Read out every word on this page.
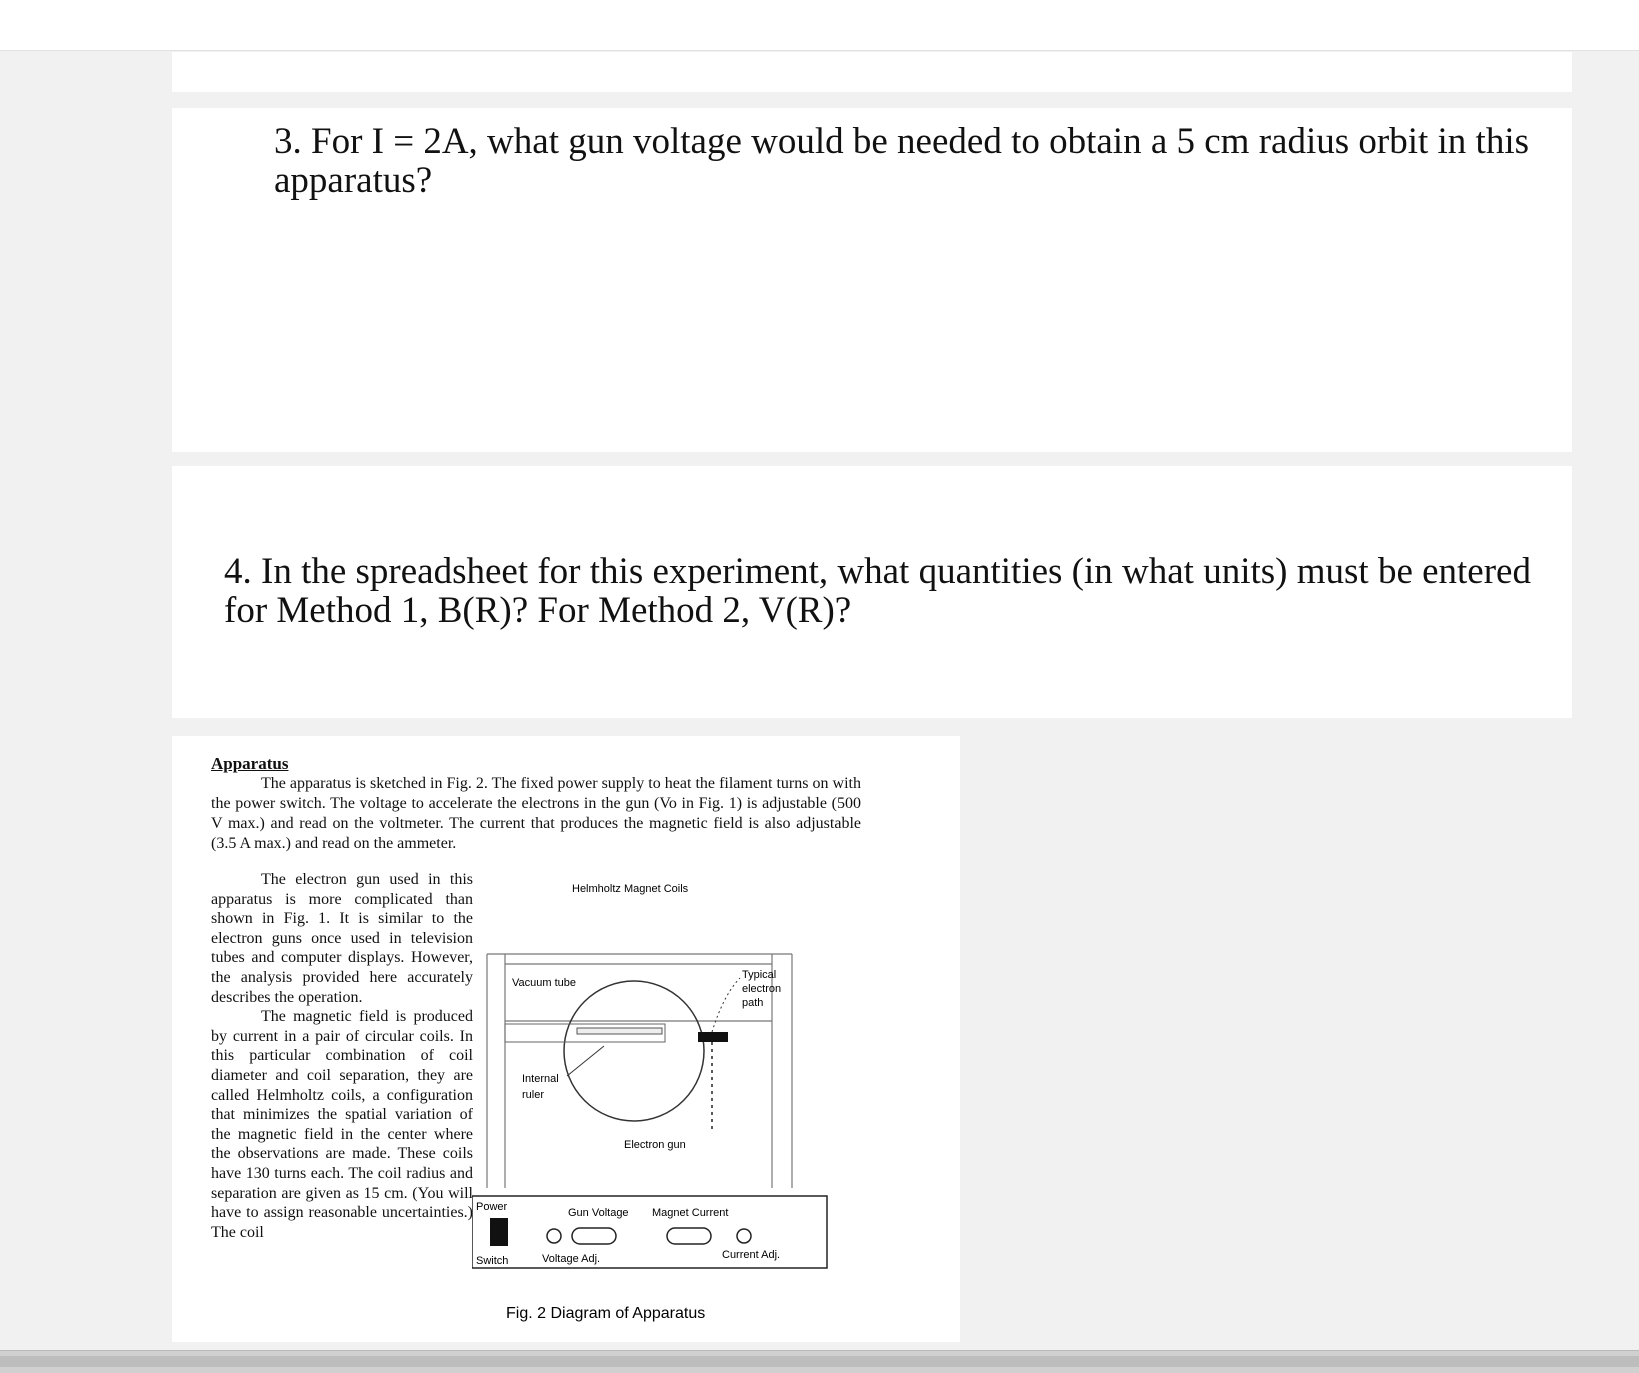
3. For I = 2A, what gun voltage would be needed to obtain a 5 cm radius orbit in this apparatus?

4. In the spreadsheet for this experiment, what quantities (in what units) must be entered for Method 1, B(R)? For Method 2, V(R)?

Apparatus
The apparatus is sketched in Fig. 2. The fixed power supply to heat the filament turns on with the power switch. The voltage to accelerate the electrons in the gun (Vo in Fig. 1) is adjustable (500 V max.) and read on the voltmeter. The current that produces the magnetic field is also adjustable (3.5 A max.) and read on the ammeter.

The electron gun used in this apparatus is more complicated than shown in Fig. 1. It is similar to the electron guns once used in television tubes and computer displays. However, the analysis provided here accurately describes the operation.

The magnetic field is produced by current in a pair of circular coils. In this particular combination of coil diameter and coil separation, they are called Helmholtz coils, a configuration that minimizes the spatial variation of the magnetic field in the center where the observations are made. These coils have 130 turns each. The coil radius and separation are given as 15 cm. (You will have to assign reasonable uncertainties.) The coil

Helmholtz Magnet Coils
Vacuum tube
Typical
electron
path
Internal
ruler
Electron gun
Power
Switch
Gun Voltage Magnet Current
Voltage Adj.	Current Adj.
Fig. 2 Diagram of Apparatus
